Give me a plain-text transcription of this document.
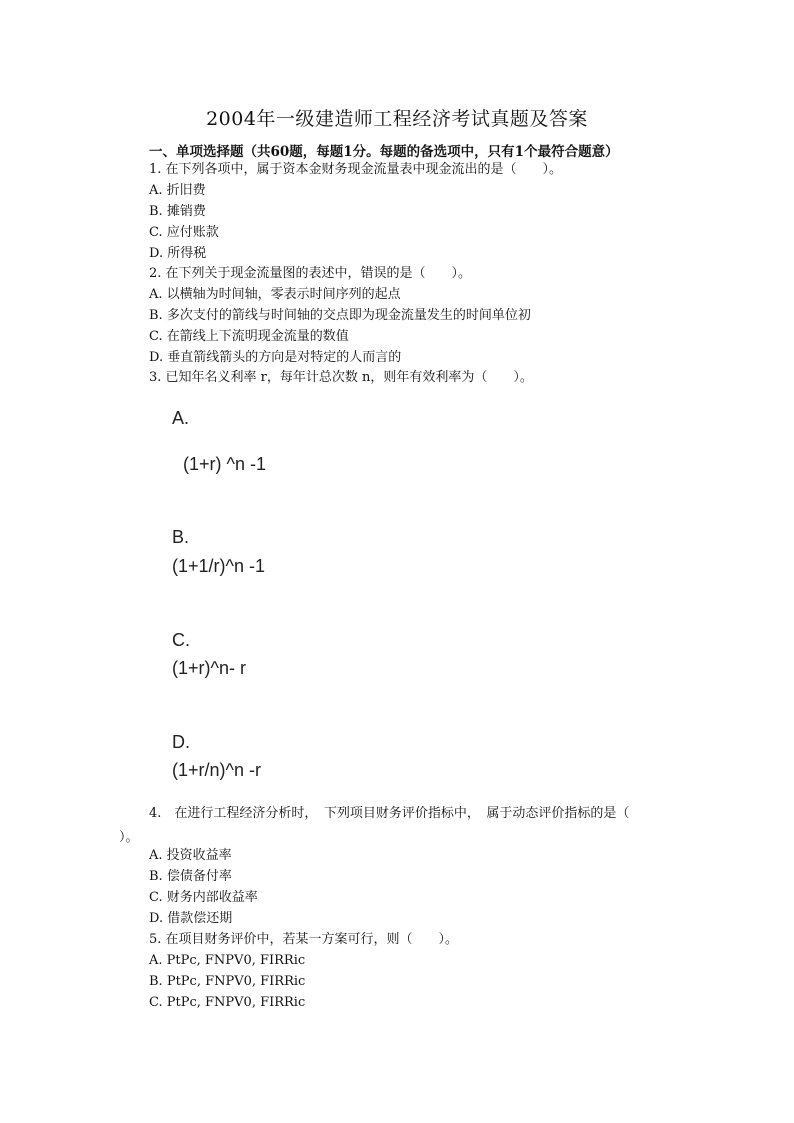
2004年一级建造师工程经济考试真题及答案
一、单项选择题（共60题，每题1分。每题的备选项中，只有1个最符合题意）
1. 在下列各项中，属于资本金财务现金流量表中现金流出的是（　　）。
A. 折旧费
B. 摊销费
C. 应付账款
D. 所得税
2. 在下列关于现金流量图的表述中，错误的是（　　）。
A. 以横轴为时间轴，零表示时间序列的起点
B. 多次支付的箭线与时间轴的交点即为现金流量发生的时间单位初
C. 在箭线上下流明现金流量的数值
D. 垂直箭线箭头的方向是对特定的人而言的
3. 已知年名义利率 r，每年计总次数 n，则年有效利率为（　　）。
A.
(1+r) ^n -1
B.
(1+1/r)^n -1
C.
(1+r)^n- r
D.
(1+r/n)^n -r
4.　在进行工程经济分析时，　下列项目财务评价指标中，　属于动态评价指标的是（
）。
A. 投资收益率
B. 偿债备付率
C. 财务内部收益率
D. 借款偿还期
5. 在项目财务评价中，若某一方案可行，则（　　）。
A. PtPc, FNPV0, FIRRic
B. PtPc, FNPV0, FIRRic
C. PtPc, FNPV0, FIRRic
